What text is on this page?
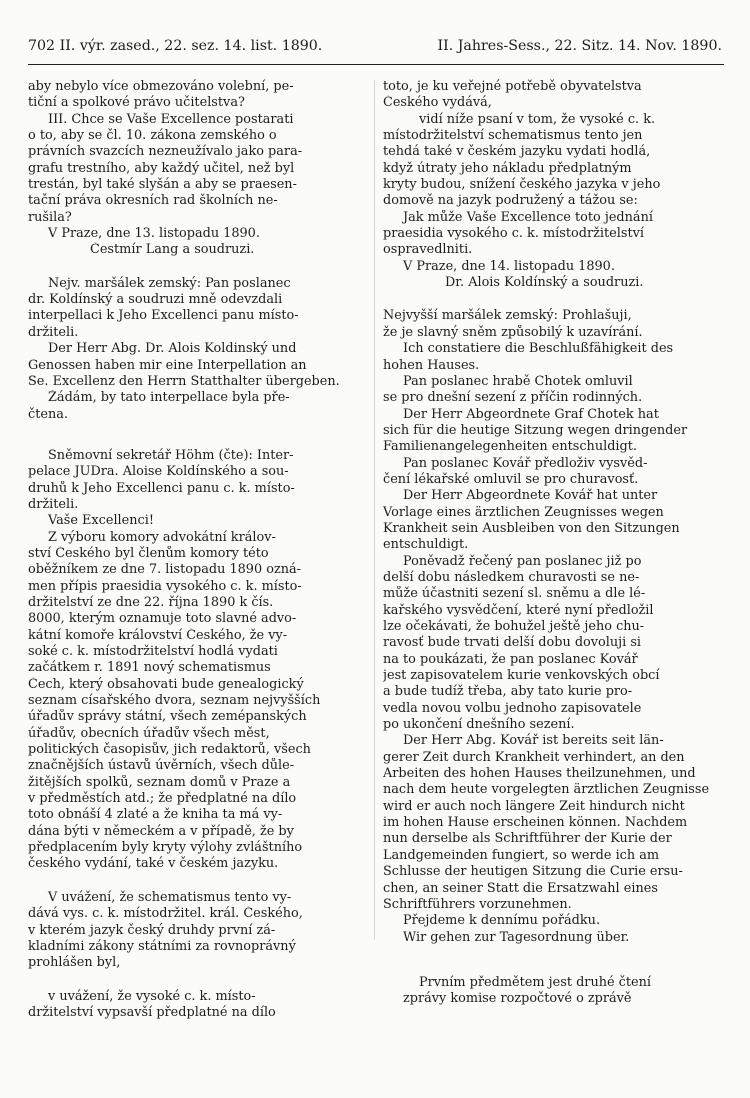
702 II. výr. zased., 22. sez. 14. list. 1890.	II. Jahres-Sess., 22. Sitz. 14. Nov. 1890.

aby nebylo více obmezováno volební, pe-

tiční a spolkové právo učitelstva?

III. Chce se Vaše Excellence postarati

o to, aby se čl. 10. zákona zemského o

právních svazcích nezneužívalo jako para-

grafu trestního, aby každý učitel, než byl

trestán, byl také slyšán a aby se praesen-

tační práva okresních rad školních ne-

rušila?

V Praze, dne 13. listopadu 1890.

Čestmír Lang a soudruzi.

Nejv. maršálek zemský: Pan poslanec

dr. Koldínský a soudruzi mně odevzdali

interpellaci k Jeho Excellenci panu místo-

držiteli.

Der Herr Abg. Dr. Alois Koldinský und

Genossen haben mir eine Interpellation an

Se. Excellenz den Herrn Statthalter übergeben.

Žádám, by tato interpellace byla pře-

čtena.

Sněmovní sekretář Höhm (čte): Inter-

pelace JUDra. Aloise Koldínského a sou-

druhů k Jeho Excellenci panu c. k. místo-

držiteli.

Vaše Excellenci!

Z výboru komory advokátní králov-

ství Českého byl členům komory této

oběžníkem ze dne 7. listopadu 1890 ozná-

men přípis praesidia vysokého c. k. místo-

držitelství ze dne 22. října 1890 k čís.

8000, kterým oznamuje toto slavné advo-

kátní komoře království Českého, že vy-

soké c. k. místodržitelství hodlá vydati

začátkem r. 1891 nový schematismus

Čech, který obsahovati bude genealogický

seznam císařského dvora, seznam nejvyšších

úřadův správy státní, všech zemépanských

úřadův, obecních úřadův všech měst,

politických časopisův, jich redaktorů, všech

značnějších ústavů úvěrních, všech důle-

žitějších spolků, seznam domů v Praze a

v předměstích atd.; že předplatné na dílo

toto obnáší 4 zlaté a že kniha ta má vy-

dána býti v německém a v případě, že by

předplacením byly kryty výlohy zvláštního

českého vydání, také v českém jazyku.

V uvážení, že schematismus tento vy-

dává vys. c. k. místodržitel. král. Českého,

v kterém jazyk český druhdy první zá-

kladními zákony státními za rovnoprávný

prohlášen byl,

v uvážení, že vysoké c. k. místo-

držitelství vypsavší předplatné na dílo

toto, je ku veřejné potřebě obyvatelstva

Českého vydává,

vidí níže psaní v tom, že vysoké c. k.

místodržitelství schematismus tento jen

tehdá také v českém jazyku vydati hodlá,

když útraty jeho nákladu předplatným

kryty budou, snížení českého jazyka v jeho

domově na jazyk podružený a tážou se:

Jak může Vaše Excellence toto jednání

praesidia vysokého c. k. místodržitelství

ospravedlniti.

V Praze, dne 14. listopadu 1890.

Dr. Alois Koldínský a soudruzi.

Nejvyšší maršálek zemský: Prohlašuji,

že je slavný sněm způsobilý k uzavírání.

Ich constatiere die Beschlußfähigkeit des

hohen Hauses.

Pan poslanec hrabě Chotek omluvil

se pro dnešní sezení z příčin rodinných.

Der Herr Abgeordnete Graf Chotek hat

sich für die heutige Sitzung wegen dringender

Familienangelegenheiten entschuldigt.

Pan poslanec Kovář předloživ vysvěd-

čení lékařské omluvil se pro churavosť.

Der Herr Abgeordnete Kovář hat unter

Vorlage eines ärztlichen Zeugnisses wegen

Krankheit sein Ausbleiben von den Sitzungen

entschuldigt.

Poněvadž řečený pan poslanec již po

delší dobu následkem churavosti se ne-

může účastniti sezení sl. sněmu a dle lé-

kařského vysvědčení, které nyní předložil

lze očekávati, že bohužel ještě jeho chu-

ravosť bude trvati delší dobu dovoluji si

na to poukázati, že pan poslanec Kovář

jest zapisovatelem kurie venkovských obcí

a bude tudíž třeba, aby tato kurie pro-

vedla novou volbu jednoho zapisovatele

po ukončení dnešního sezení.

Der Herr Abg. Kovář ist bereits seit län-

gerer Zeit durch Krankheit verhindert, an den

Arbeiten des hohen Hauses theilzunehmen, und

nach dem heute vorgelegten ärztlichen Zeugnisse

wird er auch noch längere Zeit hindurch nicht

im hohen Hause erscheinen können. Nachdem

nun derselbe als Schriftführer der Kurie der

Landgemeinden fungiert, so werde ich am

Schlusse der heutigen Sitzung die Curie ersu-

chen, an seiner Statt die Ersatzwahl eines

Schriftführers vorzunehmen.

Přejdeme k dennímu pořádku.

Wir gehen zur Tagesordnung über.

Prvním předmětem jest druhé čtení

zprávy komise rozpočtové o zprávě
